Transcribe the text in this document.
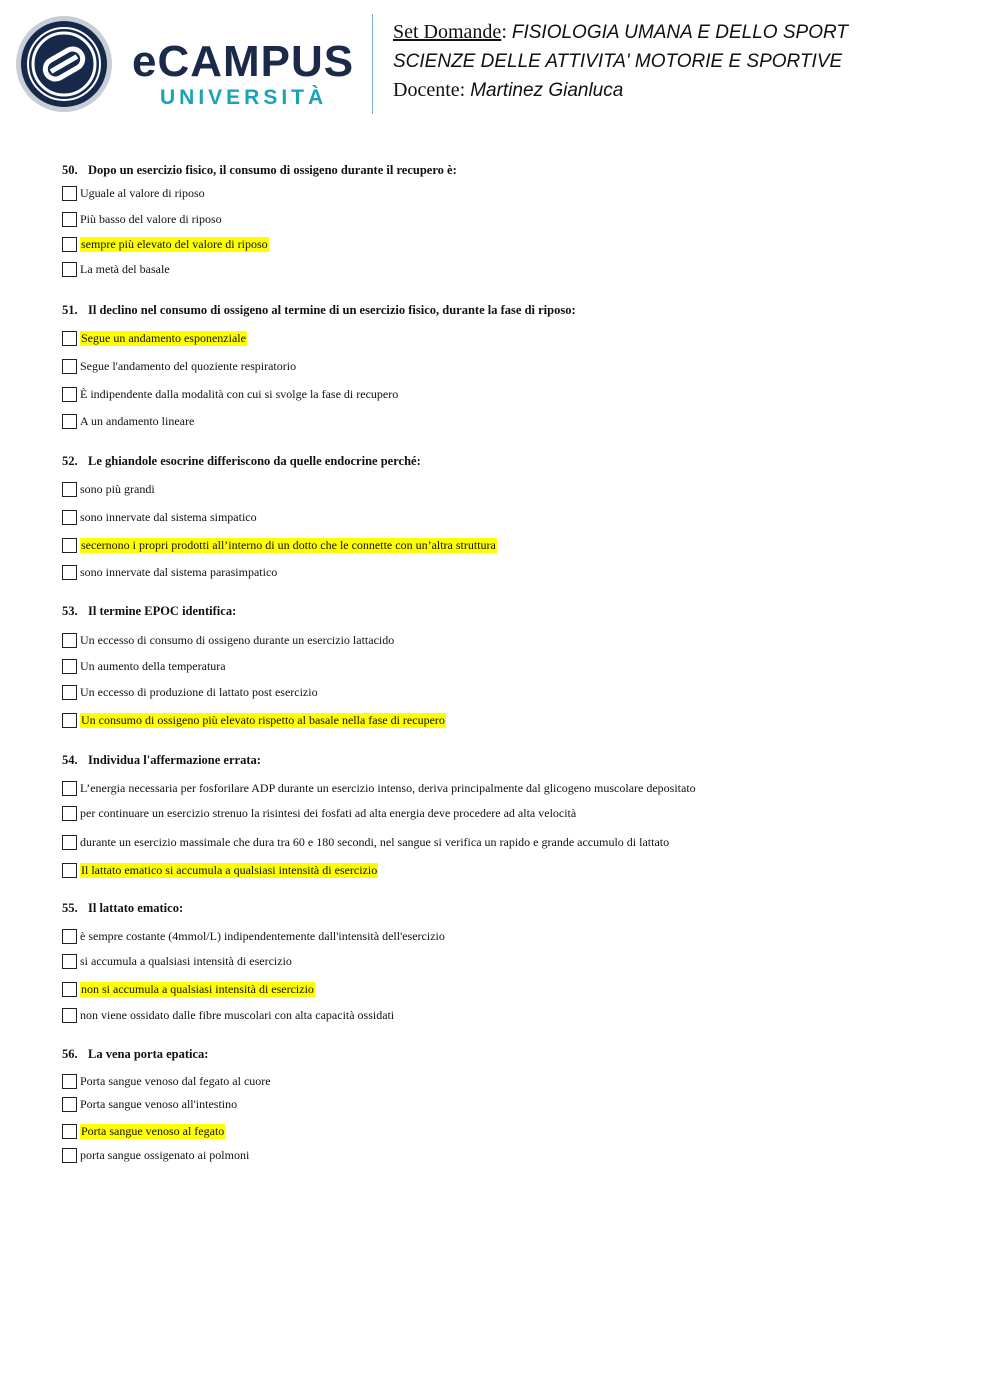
eCAMPUS
UNIVERSITÀ
Set Domande: FISIOLOGIA UMANA E DELLO SPORT
SCIENZE DELLE ATTIVITA' MOTORIE E SPORTIVE
Docente: Martinez Gianluca
50. Dopo un esercizio fisico, il consumo di ossigeno durante il recupero è:
Uguale al valore di riposo
Più basso del valore di riposo
sempre più elevato del valore di riposo
La metà del basale
51. Il declino nel consumo di ossigeno al termine di un esercizio fisico, durante la fase di riposo:
Segue un andamento esponenziale
Segue l'andamento del quoziente respiratorio
È indipendente dalla modalità con cui si svolge la fase di recupero
A un andamento lineare
52. Le ghiandole esocrine differiscono da quelle endocrine perché:
sono più grandi
sono innervate dal sistema simpatico
secernono i propri prodotti all’interno di un dotto che le connette con un’altra struttura
sono innervate dal sistema parasimpatico
53. Il termine EPOC identifica:
Un eccesso di consumo di ossigeno durante un esercizio lattacido
Un aumento della temperatura
Un eccesso di produzione di lattato post esercizio
Un consumo di ossigeno più elevato rispetto al basale nella fase di recupero
54. Individua l'affermazione errata:
L’energia necessaria per fosforilare ADP durante un esercizio intenso, deriva principalmente dal glicogeno muscolare depositato
per continuare un esercizio strenuo la risintesi dei fosfati ad alta energia deve procedere ad alta velocità
durante un esercizio massimale che dura tra 60 e 180 secondi, nel sangue si verifica un rapido e grande accumulo di lattato
Il lattato ematico si accumula a qualsiasi intensità di esercizio
55. Il lattato ematico:
è sempre costante (4mmol/L) indipendentemente dall'intensità dell'esercizio
si accumula a qualsiasi intensità di esercizio
non si accumula a qualsiasi intensità di esercizio
non viene ossidato dalle fibre muscolari con alta capacità ossidati
56. La vena porta epatica:
Porta sangue venoso dal fegato al cuore
Porta sangue venoso all'intestino
Porta sangue venoso al fegato
porta sangue ossigenato ai polmoni
